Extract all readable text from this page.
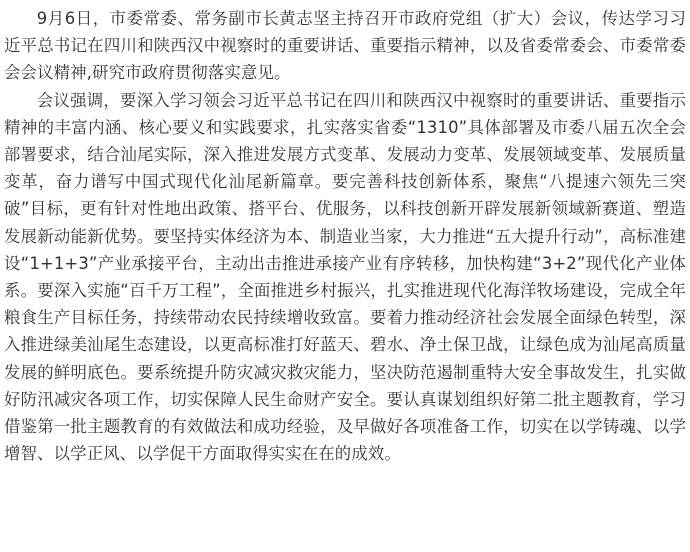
9月6日，市委常委、常务副市长黄志坚主持召开市政府党组（扩大）会议，传达学习习近平总书记在四川和陕西汉中视察时的重要讲话、重要指示精神，以及省委常委会、市委常委会会议精神,研究市政府贯彻落实意见。

会议强调，要深入学习领会习近平总书记在四川和陕西汉中视察时的重要讲话、重要指示精神的丰富内涵、核心要义和实践要求，扎实落实省委“1310”具体部署及市委八届五次全会部署要求，结合汕尾实际，深入推进发展方式变革、发展动力变革、发展领域变革、发展质量变革，奋力谱写中国式现代化汕尾新篇章。要完善科技创新体系，聚焦“八提速六领先三突破”目标，更有针对性地出政策、搭平台、优服务，以科技创新开辟发展新领域新赛道、塑造发展新动能新优势。要坚持实体经济为本、制造业当家，大力推进“五大提升行动”，高标准建设“1+1+3”产业承接平台，主动出击推进承接产业有序转移，加快构建“3+2”现代化产业体系。要深入实施“百千万工程”，全面推进乡村振兴，扎实推进现代化海洋牧场建设，完成全年粮食生产目标任务，持续带动农民持续增收致富。要着力推动经济社会发展全面绿色转型，深入推进绿美汕尾生态建设，以更高标准打好蓝天、碧水、净土保卫战，让绿色成为汕尾高质量发展的鲜明底色。要系统提升防灾减灾救灾能力，坚决防范遏制重特大安全事故发生，扎实做好防汛减灾各项工作，切实保障人民生命财产安全。要认真谋划组织好第二批主题教育，学习借鉴第一批主题教育的有效做法和成功经验，及早做好各项准备工作，切实在以学铸魂、以学增智、以学正风、以学促干方面取得实实在在的成效。
